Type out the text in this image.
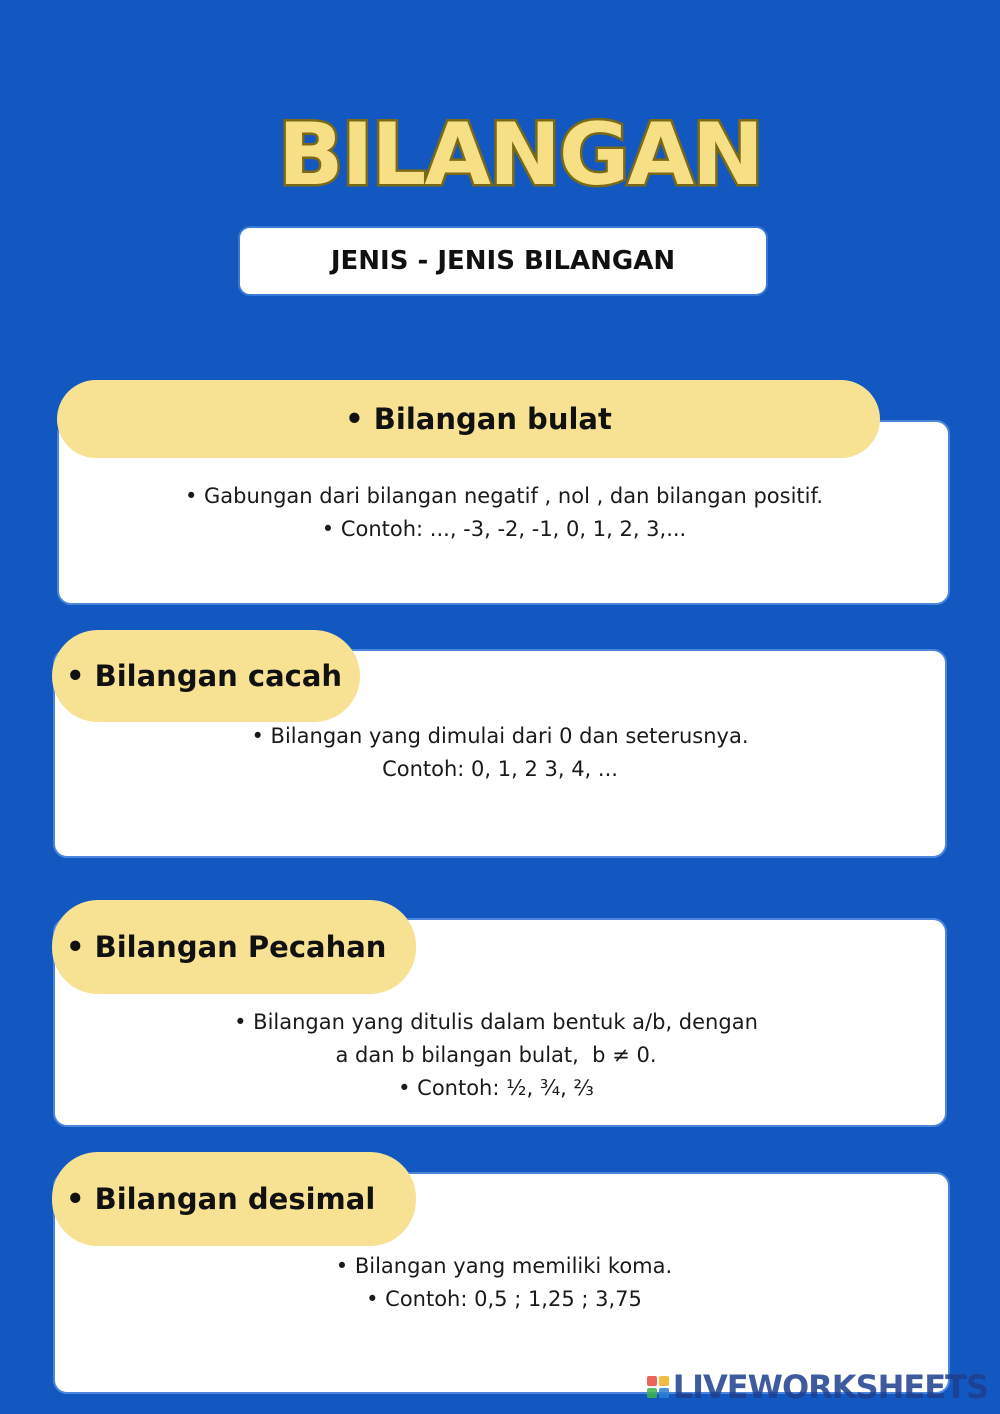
BILANGAN
JENIS - JENIS BILANGAN
• Bilangan bulat
• Gabungan dari bilangan negatif , nol , dan bilangan positif.
• Contoh: ..., -3, -2, -1, 0, 1, 2, 3,...
• Bilangan cacah
• Bilangan yang dimulai dari 0 dan seterusnya.
Contoh: 0, 1, 2 3, 4, ...
• Bilangan Pecahan
• Bilangan yang ditulis dalam bentuk a/b, dengan
a dan b bilangan bulat,  b ≠ 0.
• Contoh: ½, ¾, ⅔
• Bilangan desimal
• Bilangan yang memiliki koma.
• Contoh: 0,5 ; 1,25 ; 3,75
LIVEWORKSHEETS
